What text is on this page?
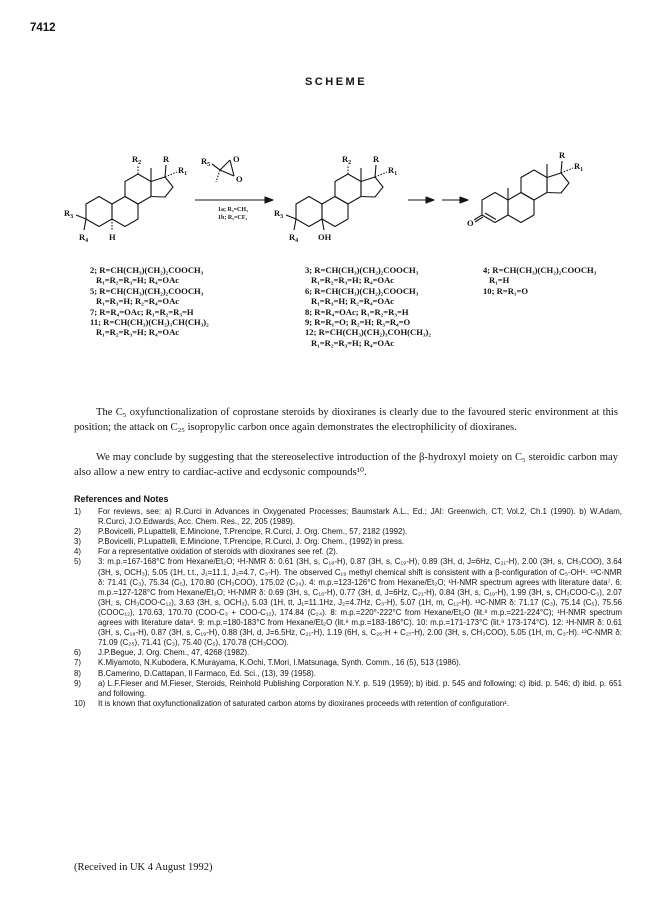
7412
SCHEME
$R_2$	R
$R_1$
$R_3$
$R_4$ H
$R_5$
O
O
1a; R₅=CH₃
1b; R₅=CF₃
$R_2$	R
$R_1$
$R_3$
$R_4$ OH
R
$R_1$
O
2; R=CH(CH₃)(CH₂)₂COOCH₃
R₁=R₂=R₃=H; R₄=OAc
5; R=CH(CH₃)(CH₂)₂COOCH₃
R₁=R₃=H; R₂=R₄=OAc
7; R=R₄=OAc; R₁=R₂=R₃=H
11; R=CH(CH₃)(CH₂)₃CH(CH₃)₂
R₁=R₂=R₃=H; R₄=OAc
3; R=CH(CH₃)(CH₂)₂COOCH₃
R₁=R₂=R₃=H; R₄=OAc
6; R=CH(CH₃)(CH₂)₂COOCH₃
R₁=R₃=H; R₂=R₄=OAc
8; R=R₄=OAc; R₁=R₂=R₃=H
9; R=R₁=O; R₂=H; R₃=R₄=O
12; R=CH(CH₃)(CH₂)₃COH(CH₃)₂
R₁=R₂=R₃=H; R₄=OAc
4; R=CH(CH₃)(CH₂)₂COOCH₃
R₁=H
10; R=R₁=O

The C₅ oxyfunctionalization of coprostane steroids by dioxiranes is clearly due to the favoured steric environment at this position; the attack on C₂₅ isopropylic carbon once again demonstrates the electrophilicity of dioxiranes.

We may conclude by suggesting that the stereoselective introduction of the β-hydroxyl moiety on C₅ steroidic carbon may also allow a new entry to cardiac-active and ecdysonic compounds¹⁰.

References and Notes
1)	For reviews, see: a) R.Curci in Advances in Oxygenated Processes; Baumstark A.L., Ed.; JAI: Greenwich, CT; Vol.2, Ch.1 (1990). b) W.Adam, R.Curci, J.O.Edwards, Acc. Chem. Res., 22, 205 (1989).
2)	P.Bovicelli, P.Lupattelli, E.Mincione, T.Prencipe, R.Curci, J. Org. Chem., 57, 2182 (1992).
3)	P.Bovicelli, P.Lupattelli, E.Mincione, T.Prencipe, R.Curci, J. Org. Chem., (1992) in press.
4)	For a representative oxidation of steroids with dioxiranes see ref. (2).
5)	3: m.p.=167-168°C from Hexane/Et₂O; ¹H-NMR δ: 0.61 (3H, s, C₁₈-H), 0.87 (3H, s, C₁₉-H), 0.89 (3H, d, J=6Hz, C₂₁-H), 2.00 (3H, s, CH₃COO), 3.64 (3H, s, OCH₃), 5.05 (1H, t.t., J₁=11.1, J₂=4.7, C₃-H). The observed C₁₉ methyl chemical shift is consistent with a β-configuration of C₅-OH⁶. ¹³C-NMR δ: 71.41 (C₃), 75.34 (C₅), 170.80 (CH₃COO), 175.02 (C₂₄). 4: m.p.=123-126°C from Hexane/Et₂O; ¹H-NMR spectrum agrees with literature data⁷. 6: m.p.=127-128°C from Hexane/Et₂O; ¹H-NMR δ: 0.69 (3H, s, C₁₈-H), 0.77 (3H, d, J=6Hz, C₂₁-H), 0.84 (3H, s, C₁₉-H), 1.99 (3H, s, CH₃COO-C₃), 2.07 (3H, s, CH₃COO-C₁₂), 3.63 (3H, s, OCH₃), 5.03 (1H, tt, J₁=11.1Hz, J₂=4.7Hz, C₃-H), 5.07 (1H, m, C₁₂-H). ¹³C-NMR δ: 71.17 (C₃), 75.14 (C₅), 75.56 (COOC₁₂), 170.63, 170.70 (COO-C₃ + COO-C₁₂), 174.84 (C₂₄). 8: m.p.=220°-222°C from Hexane/Et₂O (lit.⁸ m.p.=221-224°C); ¹H-NMR spectrum agrees with literature data⁸. 9: m.p.=180-183°C from Hexane/Et₂O (lit.⁹ m.p.=183-186°C). 10: m.p.=171-173°C (lit.⁹ 173-174°C). 12: ¹H-NMR δ: 0.61 (3H, s, C₁₈-H), 0.87 (3H, s, C₁₉-H), 0.88 (3H, d, J=6.5Hz, C₂₁-H), 1.19 (6H, s, C₂₆-H + C₂₇-H), 2.00 (3H, s, CH₃COO), 5.05 (1H, m, C₃-H). ¹³C-NMR δ: 71.09 (C₂₅), 71.41 (C₃), 75.40 (C₅), 170.78 (CH₃COO).
6)	J.P.Begue, J. Org. Chem., 47, 4268 (1982).
7)	K.Miyamoto, N.Kubodera, K.Murayama, K.Ochi, T.Mori, I.Matsunaga, Synth. Comm., 16 (5), 513 (1986).
8)	B.Camerino, D.Cattapan, Il Farmaco, Ed. Sci., (13), 39 (1958).
9)	a) L.F.Fieser and M.Fieser, Steroids, Reinhold Publishing Corporation N.Y. p. 519 (1959); b) ibid. p. 545 and following; c) ibid. p. 546; d) ibid. p. 651 and following.
10)	It is known that oxyfunctionalization of saturated carbon atoms by dioxiranes proceeds with retention of configuration¹.
(Received in UK 4 August 1992)
